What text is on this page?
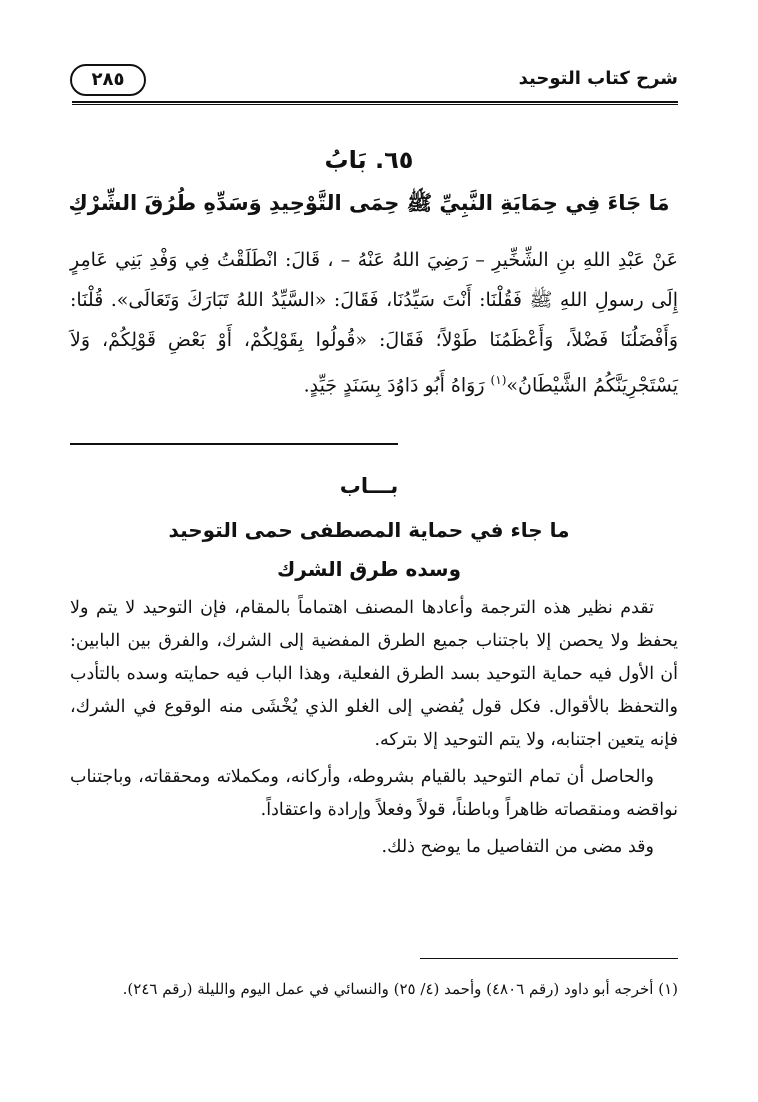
شرح كتاب التوحيد
٢٨٥
٦٥. بَابُ
مَا جَاءَ فِي حِمَايَةِ النَّبِيِّ ﷺ حِمَى التَّوْحِيدِ وَسَدِّهِ طُرُقَ الشِّرْكِ
عَنْ عَبْدِ اللهِ بنِ الشِّخِّيرِ – رَضِيَ اللهُ عَنْهُ – ، قَالَ: انْطَلَقْتُ فِي وَفْدِ بَنِي عَامِرٍ إِلَى رسولِ اللهِ ﷺ فَقُلْنَا: أَنْتَ سَيِّدُنَا، فَقَالَ: «السَّيِّدُ اللهُ تَبَارَكَ وَتَعَالَى». قُلْنَا: وَأَفْضَلُنَا فَضْلاً، وَأَعْظَمُنَا طَوْلاً؛ فَقَالَ: «قُولُوا بِقَوْلِكُمْ، أَوْ بَعْضِ قَوْلِكُمْ، وَلاَ يَسْتَجْرِيَنَّكُمُ الشَّيْطَانُ»$^{(١)}$ رَوَاهُ أَبُو دَاوُدَ بِسَنَدٍ جَيِّدٍ.
بـــاب
ما جاء في حماية المصطفى حمى التوحيد
وسده طرق الشرك

تقدم نظير هذه الترجمة وأعادها المصنف اهتماماً بالمقام، فإن التوحيد لا يتم ولا يحفظ ولا يحصن إلا باجتناب جميع الطرق المفضية إلى الشرك، والفرق بين البابين: أن الأول فيه حماية التوحيد بسد الطرق الفعلية، وهذا الباب فيه حمايته وسده بالتأدب والتحفظ بالأقوال. فكل قول يُفضي إلى الغلو الذي يُخْشَى منه الوقوع في الشرك، فإنه يتعين اجتنابه، ولا يتم التوحيد إلا بتركه.

والحاصل أن تمام التوحيد بالقيام بشروطه، وأركانه، ومكملاته ومحققاته، وباجتناب نواقضه ومنقصاته ظاهراً وباطناً، قولاً وفعلاً وإرادة واعتقاداً.

وقد مضى من التفاصيل ما يوضح ذلك.

(١) أخرجه أبو داود (رقم ٤٨٠٦) وأحمد (٤/ ٢٥) والنسائي في عمل اليوم والليلة (رقم ٢٤٦).
